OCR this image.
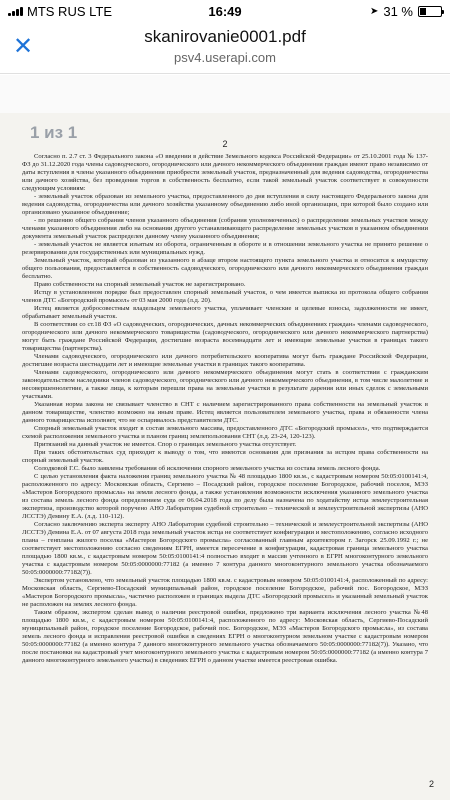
MTS RUS LTE	16:49	➤ 31 %
✕	skanirovanie0001.pdf
psv4.userapi.com
2

Согласно п. 2.7 ст. 3 Федерального закона «О введении в действие Земельного кодекса Российской Федерации» от 25.10.2001 года № 137-ФЗ до 31.12.2020 года члены садоводческого, огороднического или дачного некоммерческого объединения граждан имеют право независимо от даты вступления в члены указанного объединения приобрести земельный участок, предназначенный для ведения садоводства, огородничества или дачного хозяйства, без проведения торгов в собственность бесплатно, если такой земельный участок соответствует в совокупности следующим условиям:

- земельный участок образован из земельного участка, предоставленного до дня вступления в силу настоящего Федерального закона для ведения садоводства, огородничества или дачного хозяйства указанному объединению либо иной организации, при которой было создано или организовано указанное объединение;

- по решению общего собрания членов указанного объединения (собрания уполномоченных) о распределении земельных участков между членами указанного объединения либо на основании другого устанавливающего распределение земельных участков в указанном объединении документа земельный участок распределен данному члену указанного объединения;

- земельный участок не является изъятым из оборота, ограниченным в обороте и в отношении земельного участка не принято решение о резервировании для государственных или муниципальных нужд.

Земельный участок, который образован из указанного в абзаце втором настоящего пункта земельного участка и относится к имуществу общего пользования, предоставляется в собственность садоводческого, огороднического или дачного некоммерческого объединения граждан бесплатно.

Право собственности на спорный земельный участок не зарегистрировано.

Истцу в установленном порядке был предоставлен спорный земельный участок, о чем имеется выписка из протокола общего собрания членов ДТС «Богородский промысел» от 03 мая 2000 года (л.д. 20).

Истец является добросовестным владельцем земельного участка, уплачивает членские и целевые взносы, задолженности не имеет, обрабатывает земельный участок.

В соответствии со ст.18 ФЗ «О садоводческих, огороднических, дачных некоммерческих объединениях граждан» членами садоводческого, огороднического или дачного некоммерческого товарищества (садоводческого, огороднического или дачного некоммерческого партнерства) могут быть граждане Российской Федерации, достигшие возраста восемнадцати лет и имеющие земельные участки в границах такого товарищества (партнерства).

Членами садоводческого, огороднического или дачного потребительского кооператива могут быть граждане Российской Федерации, достигшие возраста шестнадцати лет и имеющие земельные участки в границах такого кооператива.

Членами садоводческого, огороднического или дачного некоммерческого объединения могут стать в соответствии с гражданским законодательством наследники членов садоводческого, огороднического или дачного некоммерческого объединения, в том числе малолетние и несовершеннолетние, а также лица, к которым перешли права на земельные участки в результате дарения или иных сделок с земельными участками.

Указанная норма закона не связывает членство в СНТ с наличием зарегистрированного права собственности на земельный участок в данном товариществе, членство возможно на иным праве. Истец является пользователем земельного участка, права и обязанности члена данного товарищества исполняет, что не оспаривалось представителем ДТС.

Спорный земельный участок входит в состав земельного массива, предоставленного ДТС «Богородский промысел», что подтверждается схемой расположения земельного участка и планом границ землепользования СНТ (л.д. 23-24, 120-123).

Притязаний на данный участок не имеется. Спор о границах земельного участка отсутствует.

При таких обстоятельствах суд приходит к выводу о том, что имеются основания для признания за истцом права собственности на спорный земельный участок.

Солодковой Г.С. было заявлены требования об исключении спорного земельного участка из состава земель лесного фонда.

С целью установления факта наложения границ земельного участка № 48 площадью 1800 кв.м., с кадастровым номером 50:05:0100141:4, расположенного по адресу: Московская область, Сергиево – Посадский район, городское поселение Богородское, рабочий поселок, МЭЗ «Мастеров Богородского промысла» на земли лесного фонда, а также установления возможности исключения указанного земельного участка из состава земель лесного фонда определением суда от 06.04.2018 года по делу была назначена по ходатайству истца землеустроительная экспертиза, производство которой поручено АНО Лаборатория судебной строительно – технической и землеустроительной экспертизы (АНО ЛССТЭ) Демину Е.А. (л.д. 110-112).

Согласно заключению эксперта эксперту АНО Лаборатория судебной строительно – технической и землеустроительной экспертизы (АНО ЛССТЭ) Демина Е.А. от 07 августа 2018 года земельный участок истца не соответствует конфигурации и местоположению, согласно исходного плана – генплана жилого поселка «Мастеров Богородского промысла» согласованный главным архитектором г. Загорск 25.09.1992 г.; не соответствует местоположению согласно сведениям ЕГРН, имеется пересечение в конфигурации, кадастровая граница земельного участка площадью 1800 кв.м., с кадастровым номером 50:05:0100141:4 полностью входит в массив учтенного в ЕГРН многоконтурного земельного участка с кадастровым номером 50:05:0000000:77182 (а именно 7 контура данного многоконтурного земельного участка обозначаемого 50:05:0000000:77182(7)).

Экспертом установлено, что земельный участок площадью 1800 кв.м. с кадастровым номером 50:05:0100141:4, расположенный по адресу: Московская область, Сергиево-Посадский муниципальный район, городское поселение Богородское, рабочий пос. Богородское, МЭЗ «Мастеров Богородского промысла», частично расположен в границах выдела ДТС «Богородский промысел» и указанный земельный участок не расположен на землях лесного фонда.

Таким образом, экспертом сделан вывод о наличии реестровой ошибки, предложено три варианта исключения лесного участка №48 площадью 1800 кв.м., с кадастровым номером 50:05:0100141:4, расположенного по адресу: Московская область, Сергиево-Посадский муниципальный район, городское поселение Богородское, рабочий пос. Богородское, МЭЗ «Мастеров Богородского промысла», из состава земель лесного фонда и исправления реестровой ошибки в сведениях ЕГРН о многоконтурном земельном участке с кадастровым номером 50:05:0000000:77182 (а именно контура 7 данного многоконтурного земельного участка обозначаемого 50:05:0000000:77182(7)). Указано, что после постановки на кадастровый учет многоконтурного земельного участка с кадастровым номером 50:05:0000000:77182 (а именно контура 7 данного многоконтурного земельного участка) в сведениях ЕГРН о данном участке имеется реестровая ошибка.

2
1 из 1
